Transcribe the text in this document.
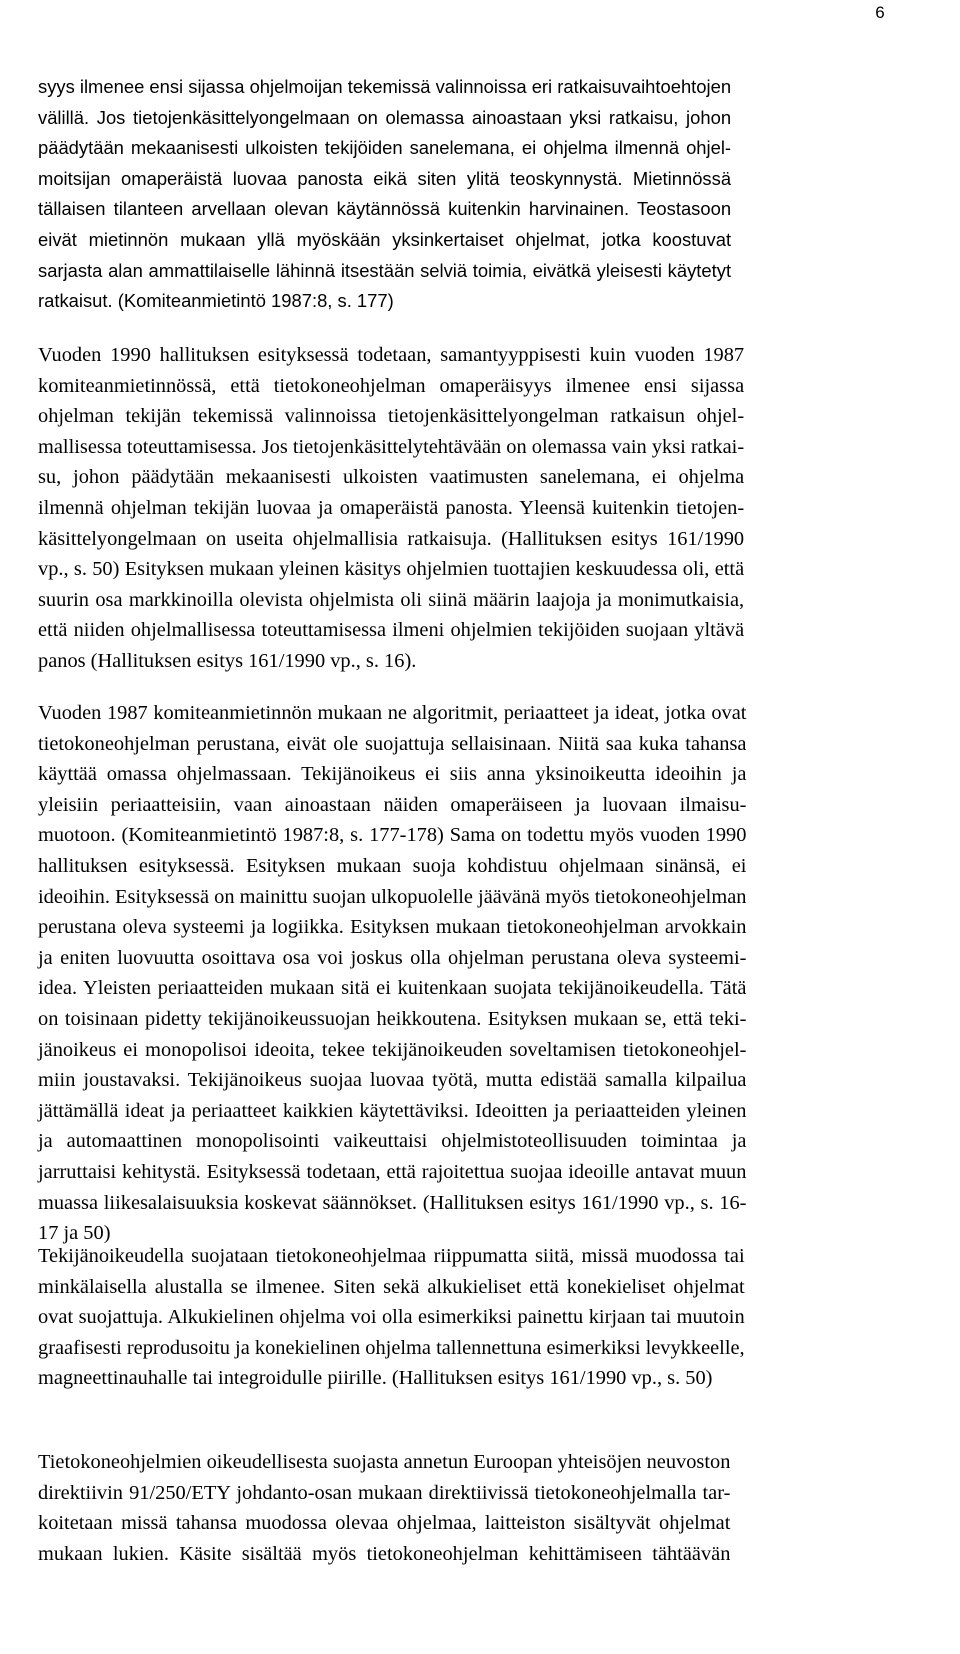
6

syys ilmenee ensi sijassa ohjelmoijan tekemissä valinnoissa eri ratkaisuvaihtoehtojen
välillä. Jos tietojenkäsittelyongelmaan on olemassa ainoastaan yksi ratkaisu, johon
päädytään mekaanisesti ulkoisten tekijöiden sanelemana, ei ohjelma ilmennä ohjel-
moitsijan omaperäistä luovaa panosta eikä siten ylitä teoskynnystä. Mietinnössä
tällaisen tilanteen arvellaan olevan käytännössä kuitenkin harvinainen. Teostasoon
eivät mietinnön mukaan yllä myöskään yksinkertaiset ohjelmat, jotka koostuvat
sarjasta alan ammattilaiselle lähinnä itsestään selviä toimia, eivätkä yleisesti käytetyt
ratkaisut. (Komiteanmietintö 1987:8, s. 177)

Vuoden 1990 hallituksen esityksessä todetaan, samantyyppisesti kuin vuoden 1987
komiteanmietinnössä, että tietokoneohjelman omaperäisyys ilmenee ensi sijassa
ohjelman tekijän tekemissä valinnoissa tietojenkäsittelyongelman ratkaisun ohjel-
mallisessa toteuttamisessa. Jos tietojenkäsittelytehtävään on olemassa vain yksi ratkai-
su, johon päädytään mekaanisesti ulkoisten vaatimusten sanelemana, ei ohjelma
ilmennä ohjelman tekijän luovaa ja omaperäistä panosta. Yleensä kuitenkin tietojen-
käsittelyongelmaan on useita ohjelmallisia ratkaisuja. (Hallituksen esitys 161/1990
vp., s. 50) Esityksen mukaan yleinen käsitys ohjelmien tuottajien keskuudessa oli, että
suurin osa markkinoilla olevista ohjelmista oli siinä määrin laajoja ja monimutkaisia,
että niiden ohjelmallisessa toteuttamisessa ilmeni ohjelmien tekijöiden suojaan yltävä
panos (Hallituksen esitys 161/1990 vp., s. 16).

Vuoden 1987 komiteanmietinnön mukaan ne algoritmit, periaatteet ja ideat, jotka ovat
tietokoneohjelman perustana, eivät ole suojattuja sellaisinaan. Niitä saa kuka tahansa
käyttää omassa ohjelmassaan. Tekijänoikeus ei siis anna yksinoikeutta ideoihin ja
yleisiin periaatteisiin, vaan ainoastaan näiden omaperäiseen ja luovaan ilmaisu-
muotoon. (Komiteanmietintö 1987:8, s. 177-178) Sama on todettu myös vuoden 1990
hallituksen esityksessä. Esityksen mukaan suoja kohdistuu ohjelmaan sinänsä, ei
ideoihin. Esityksessä on mainittu suojan ulkopuolelle jäävänä myös tietokoneohjelman
perustana oleva systeemi ja logiikka. Esityksen mukaan tietokoneohjelman arvokkain
ja eniten luovuutta osoittava osa voi joskus olla ohjelman perustana oleva systeemi-
idea. Yleisten periaatteiden mukaan sitä ei kuitenkaan suojata tekijänoikeudella. Tätä
on toisinaan pidetty tekijänoikeussuojan heikkoutena. Esityksen mukaan se, että teki-
jänoikeus ei monopolisoi ideoita, tekee tekijänoikeuden soveltamisen tietokoneohjel-
miin joustavaksi. Tekijänoikeus suojaa luovaa työtä, mutta edistää samalla kilpailua
jättämällä ideat ja periaatteet kaikkien käytettäviksi. Ideoitten ja periaatteiden yleinen
ja automaattinen monopolisointi vaikeuttaisi ohjelmistoteollisuuden toimintaa ja
jarruttaisi kehitystä. Esityksessä todetaan, että rajoitettua suojaa ideoille antavat muun
muassa liikesalaisuuksia koskevat säännökset. (Hallituksen esitys 161/1990 vp., s. 16-
17 ja 50)

Tekijänoikeudella suojataan tietokoneohjelmaa riippumatta siitä, missä muodossa tai
minkälaisella alustalla se ilmenee. Siten sekä alkukieliset että konekieliset ohjelmat
ovat suojattuja. Alkukielinen ohjelma voi olla esimerkiksi painettu kirjaan tai muutoin
graafisesti reprodusoitu ja konekielinen ohjelma tallennettuna esimerkiksi levykkeelle,
magneettinauhalle tai integroidulle piirille. (Hallituksen esitys 161/1990 vp., s. 50)

Tietokoneohjelmien oikeudellisesta suojasta annetun Euroopan yhteisöjen neuvoston
direktiivin 91/250/ETY johdanto-osan mukaan direktiivissä tietokoneohjelmalla tar-
koitetaan missä tahansa muodossa olevaa ohjelmaa, laitteiston sisältyvät ohjelmat
mukaan lukien. Käsite sisältää myös tietokoneohjelman kehittämiseen tähtäävän
